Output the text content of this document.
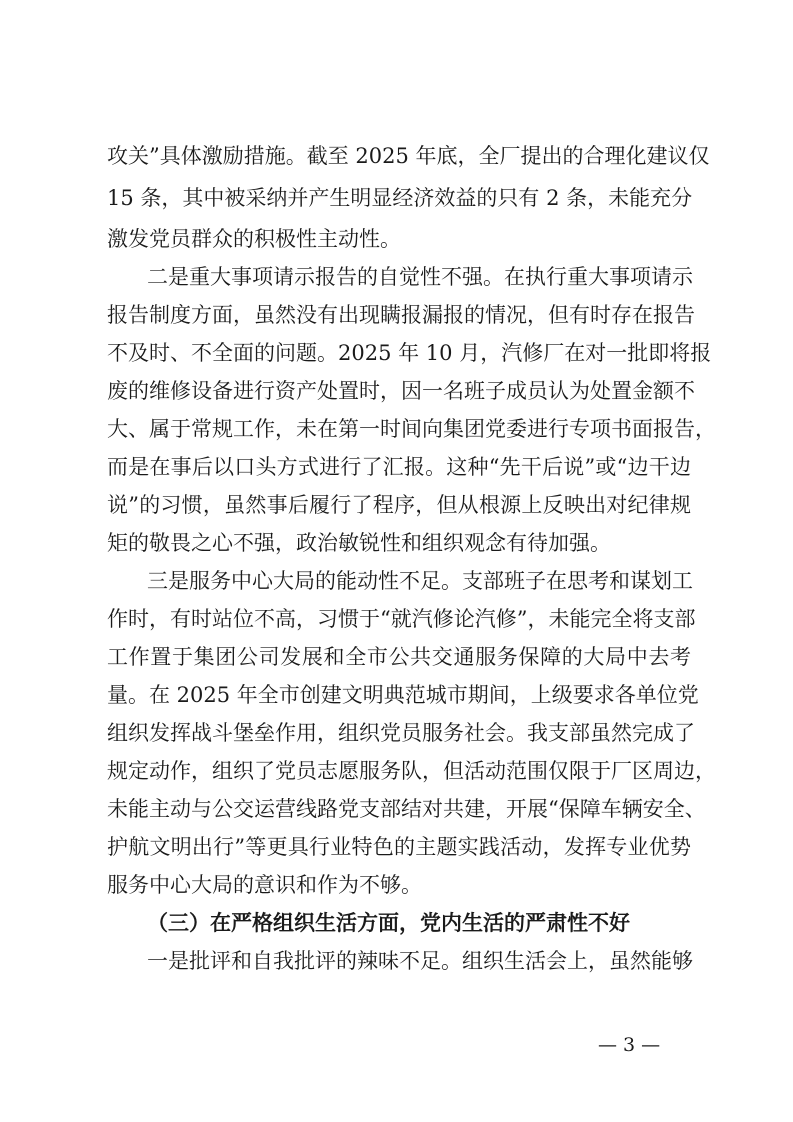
攻关”具体激励措施。截至 2025 年底，全厂提出的合理化建议仅
15 条，其中被采纳并产生明显经济效益的只有 2 条，未能充分
激发党员群众的积极性主动性。
二是重大事项请示报告的自觉性不强。在执行重大事项请示
报告制度方面，虽然没有出现瞒报漏报的情况，但有时存在报告
不及时、不全面的问题。2025 年 10 月，汽修厂在对一批即将报
废的维修设备进行资产处置时，因一名班子成员认为处置金额不
大、属于常规工作，未在第一时间向集团党委进行专项书面报告，
而是在事后以口头方式进行了汇报。这种“先干后说”或“边干边
说”的习惯，虽然事后履行了程序，但从根源上反映出对纪律规
矩的敬畏之心不强，政治敏锐性和组织观念有待加强。
三是服务中心大局的能动性不足。支部班子在思考和谋划工
作时，有时站位不高，习惯于“就汽修论汽修”，未能完全将支部
工作置于集团公司发展和全市公共交通服务保障的大局中去考
量。在 2025 年全市创建文明典范城市期间，上级要求各单位党
组织发挥战斗堡垒作用，组织党员服务社会。我支部虽然完成了
规定动作，组织了党员志愿服务队，但活动范围仅限于厂区周边，
未能主动与公交运营线路党支部结对共建，开展“保障车辆安全、
护航文明出行”等更具行业特色的主题实践活动，发挥专业优势
服务中心大局的意识和作为不够。
（三）在严格组织生活方面，党内生活的严肃性不好
一是批评和自我批评的辣味不足。组织生活会上，虽然能够
— 3 —
